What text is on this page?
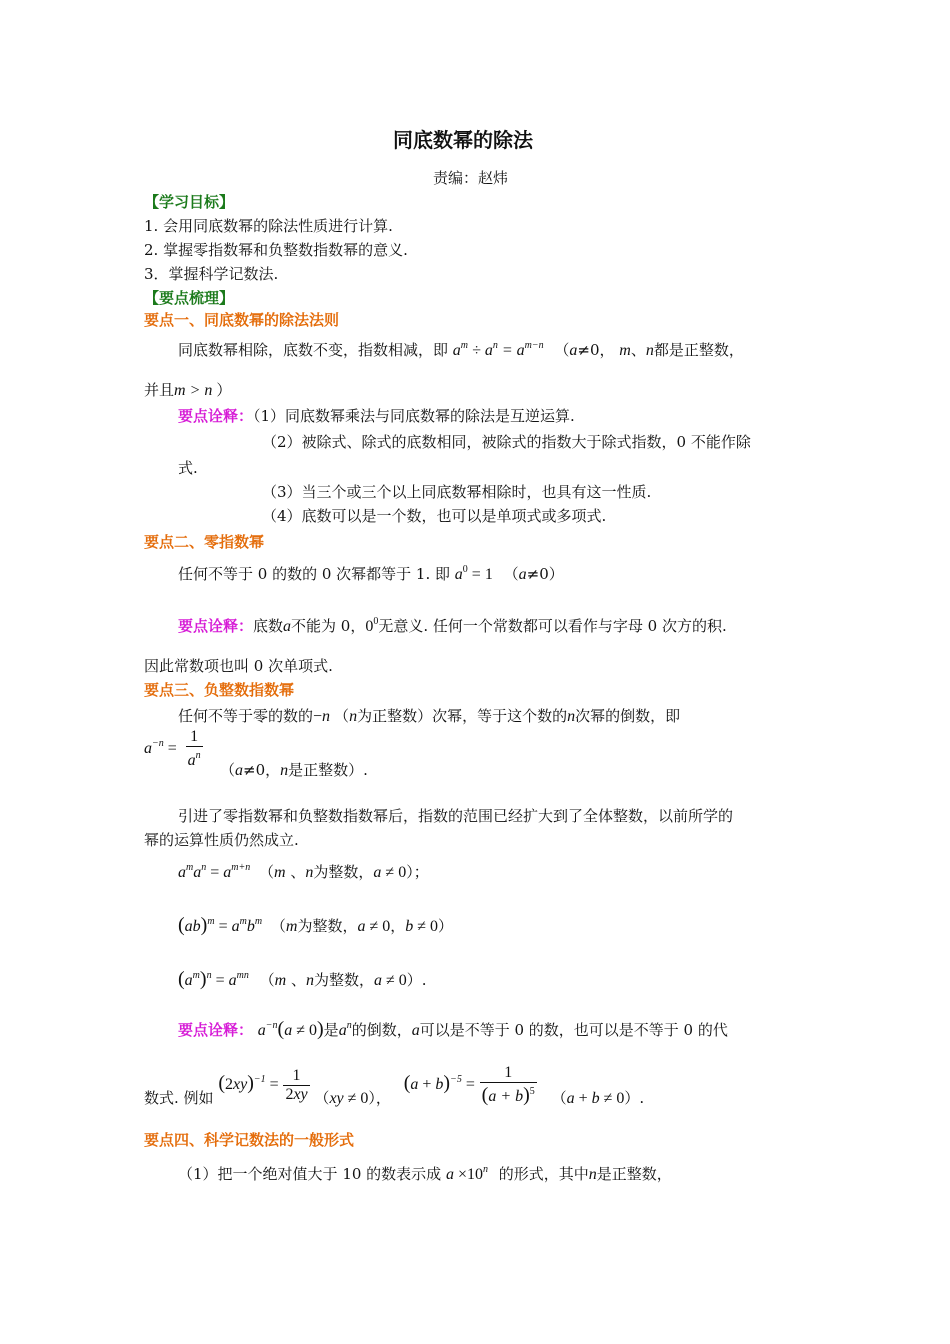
同底数幂的除法
责编：赵炜
【学习目标】
1. 会用同底数幂的除法性质进行计算.
2. 掌握零指数幂和负整数指数幂的意义.
3．掌握科学记数法.
【要点梳理】
要点一、同底数幂的除法法则
同底数幂相除，底数不变，指数相减，即 $a^m \div a^n = a^{m-n}$ （a≠0， m、n都是正整数，
并且m > n ）
要点诠释：（1）同底数幂乘法与同底数幂的除法是互逆运算.
（2）被除式、除式的底数相同，被除式的指数大于除式指数，0 不能作除
式.
（3）当三个或三个以上同底数幂相除时，也具有这一性质.
（4）底数可以是一个数，也可以是单项式或多项式.
要点二、零指数幂
任何不等于 0 的数的 0 次幂都等于 1. 即 $a^0 = 1$ （a≠0）
要点诠释：底数a不能为 0，$0^0$无意义. 任何一个常数都可以看作与字母 0 次方的积.
因此常数项也叫 0 次单项式.
要点三、负整数指数幂
任何不等于零的数的−n （n为正整数）次幂，等于这个数的n次幂的倒数，即
$a^{-n} = \frac{1}{a^n} (a\ne 0$，n是正整数）.
引进了零指数幂和负整数指数幂后，指数的范围已经扩大到了全体整数，以前所学的
幂的运算性质仍然成立.
$a^ma^n = a^{m+n}$ （m 、n为整数，a ≠ 0）；
$(ab)^m = a^mb^m$ （m为整数，a ≠ 0，b ≠ 0）
$(a^m)^n = a^{mn}$ （m 、n为整数，a ≠ 0）.
要点诠释： $a^{-n}(a \ne 0)$是$a^n$的倒数，a可以是不等于 0 的数，也可以是不等于 0 的代
数式. 例如 $(2xy)^{-1} = \frac{1}{2xy} (xy \ne 0)$， $(a + b)^{-5} = \frac{1}{(a + b)^5} (a + b \ne 0)$.
要点四、科学记数法的一般形式
（1）把一个绝对值大于 10 的数表示成 $a \times 10^n$ 的形式，其中n是正整数，
